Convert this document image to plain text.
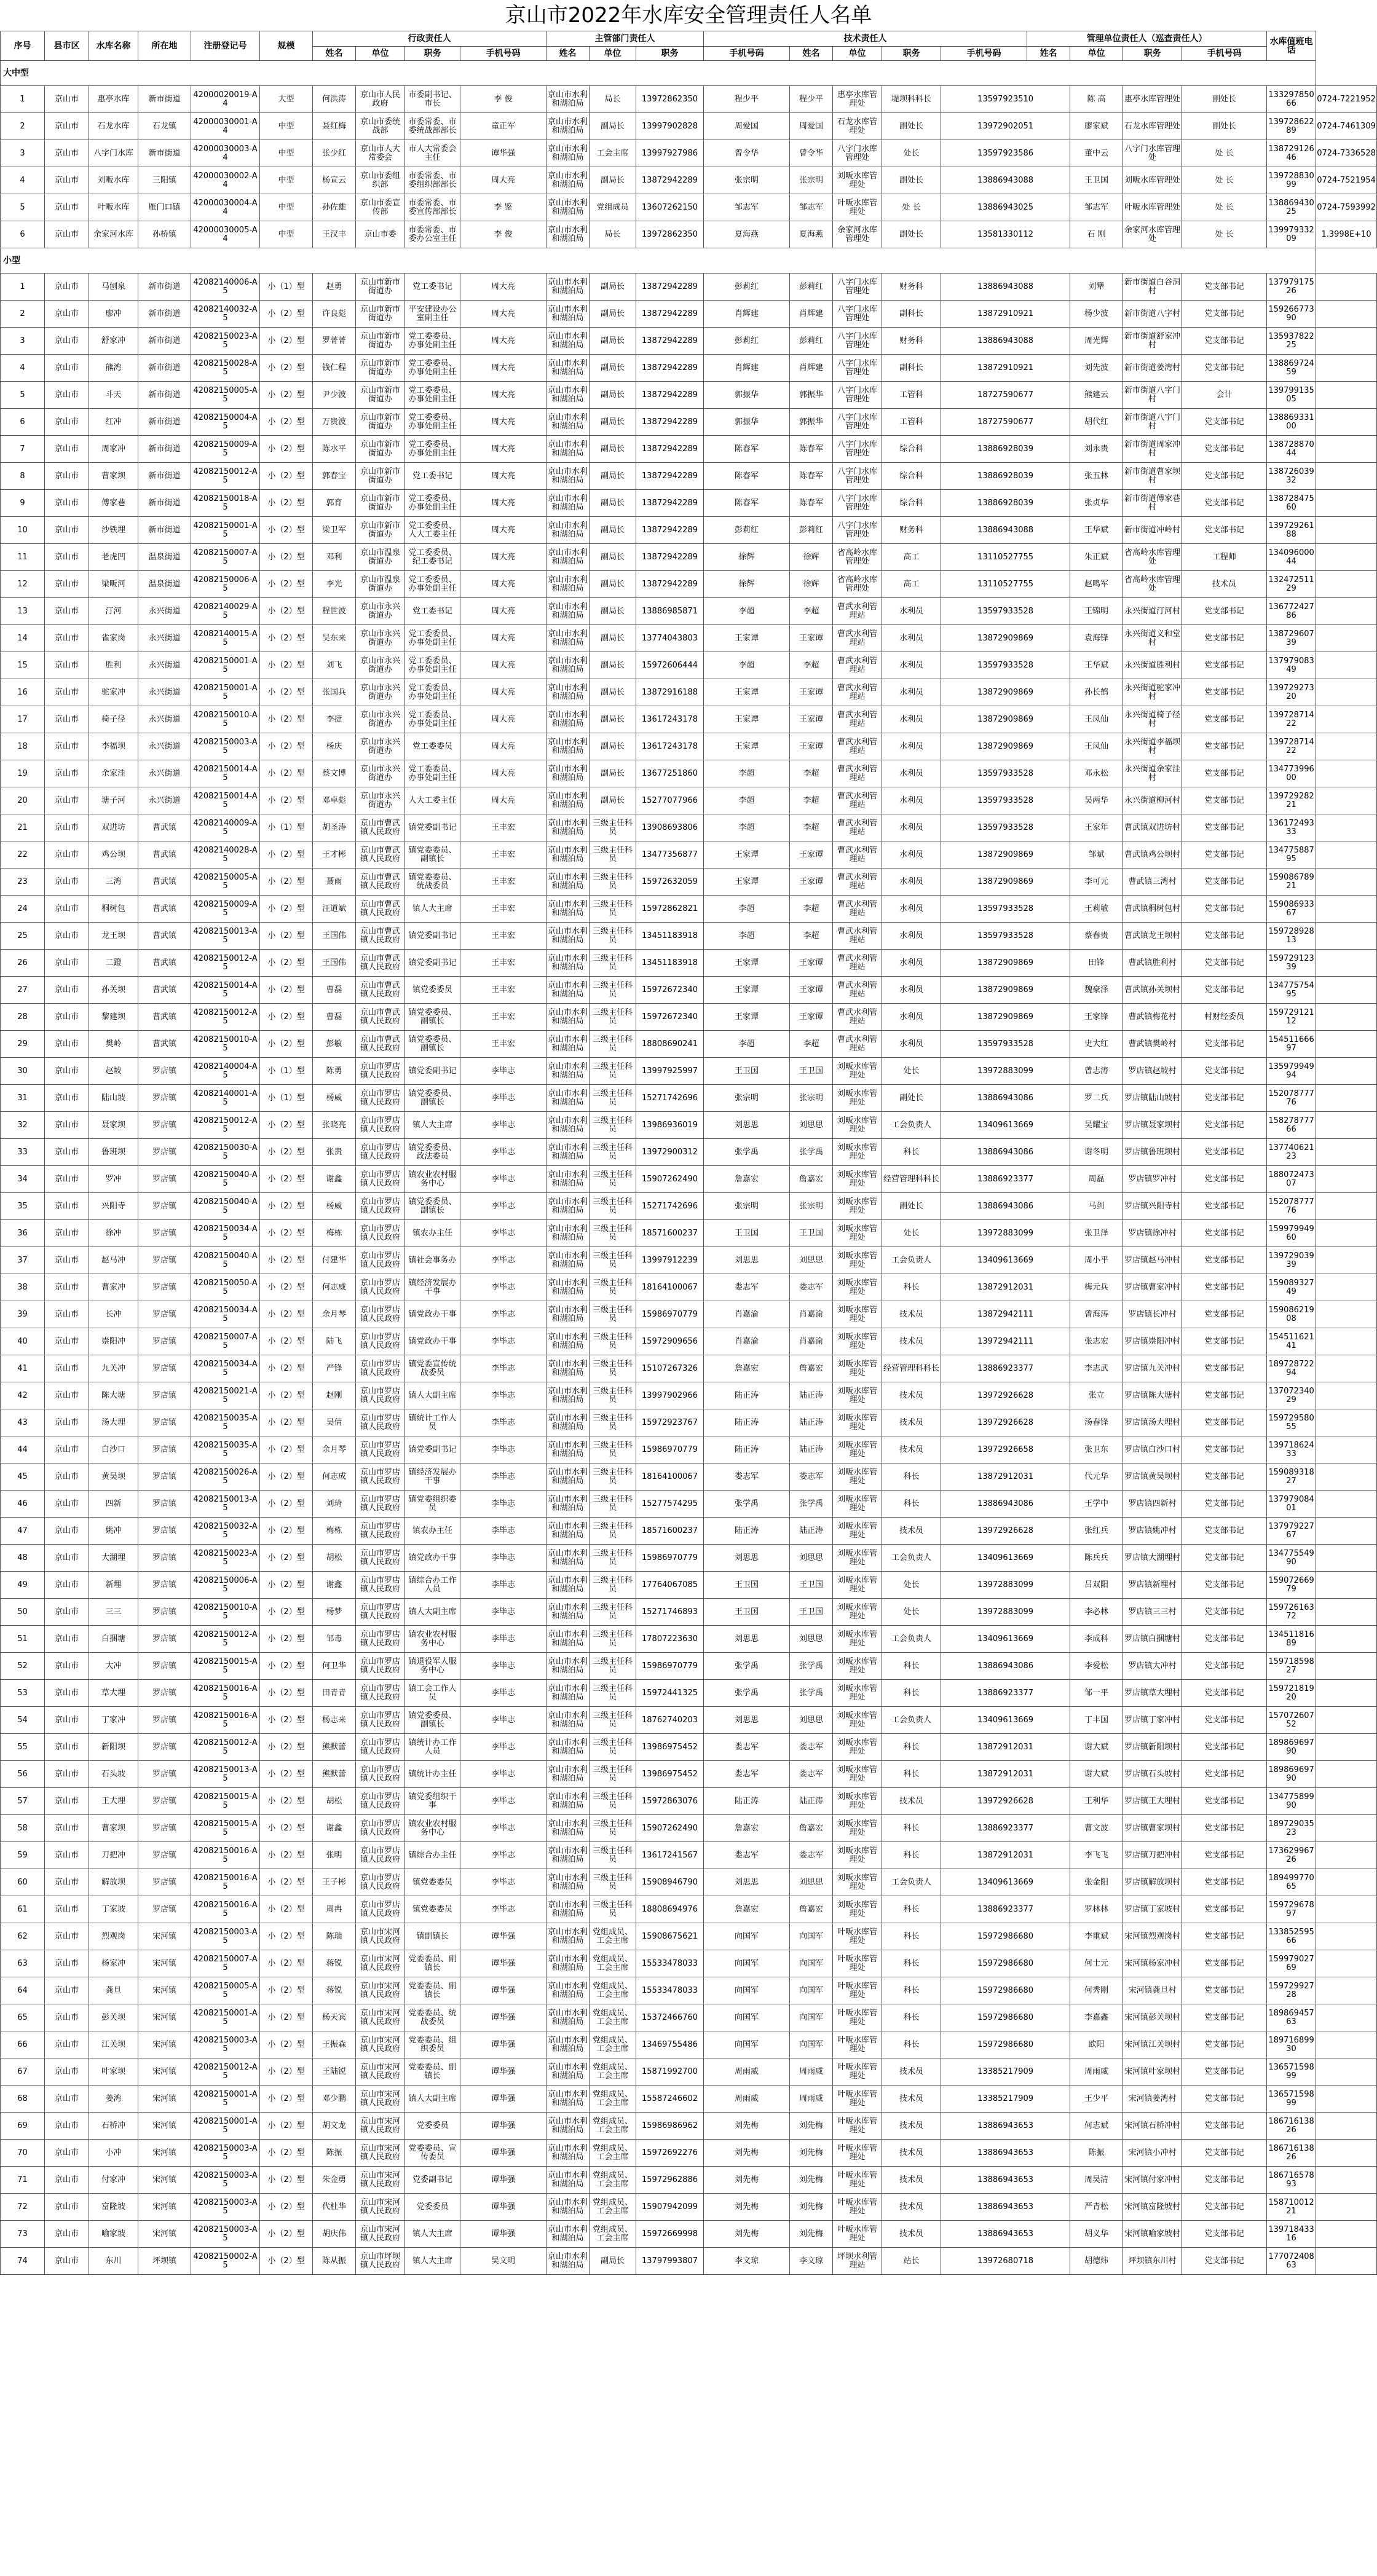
京山市2022年水库安全管理责任人名单
序号	县市区	水库名称	所在地	注册登记号	规模	行政责任人				主管部门责任人			技术责任人					管理单位责任人（巡查责任人）				水库值班电话	
						姓名	单位	职务	手机号码	姓名	单位	职务	手机号码	姓名	单位	职务	手机号码	姓名	单位	职务	手机号码		
大中型																							
1	京山市	惠亭水库	新市街道	42000020019-A4	大型	何洪涛	京山市人民政府	市委副书记、市长	李 俊	京山市水利和湖泊局	局长	13972862350	程少平	程少平	惠亭水库管理处	堤坝科科长	13597923510		陈 高	惠亭水库管理处	副处长	13329785066	0724-7221952
2	京山市	石龙水库	石龙镇	42000030001-A4	中型	聂红梅	京山市委统战部	市委常委、市委统战部部长	童正军	京山市水利和湖泊局	副局长	13997902828	周爱国	周爱国	石龙水库管理处	副处长	13972902051		廖家斌	石龙水库管理处	副处长	13972862289	0724-7461309
3	京山市	八字门水库	新市街道	42000030003-A4	中型	张少红	京山市人大常委会	市人大常委会主任	谭华强	京山市水利和湖泊局	工会主席	13997927986	曾令华	曾令华	八字门水库管理处	处长	13597923586		董中云	八字门水库管理处	处 长	13872912646	0724-7336528
4	京山市	刘畈水库	三阳镇	42000030002-A4	中型	杨宣云	京山市委组织部	市委常委、市委组织部部长	周大亮	京山市水利和湖泊局	副局长	13872942289	张宗明	张宗明	刘畈水库管理处	副处长	13886943088		王卫国	刘畈水库管理处	处 长	13972883099	0724-7521954
5	京山市	叶畈水库	雁门口镇	42000030004-A4	中型	孙佐雄	京山市委宣传部	市委常委、市委宣传部部长	李 鉴	京山市水利和湖泊局	党组成员	13607262150	邹志军	邹志军	叶畈水库管理处	处 长	13886943025		邹志军	叶畈水库管理处	处 长	13886943025	0724-7593992
6	京山市	余家河水库	孙桥镇	42000030005-A4	中型	王汉丰	京山市委	市委常委、市委办公室主任	李 俊	京山市水利和湖泊局	局长	13972862350	夏海燕	夏海燕	余家河水库管理处	副处长	13581330112		石 刚	余家河水库管理处	处 长	13997933209	1.3998E+10
小型																							
1	京山市	马刨泉	新市街道	42082140006-A5	小（1）型	赵勇	京山市新市街道办	党工委书记	周大亮	京山市水利和湖泊局	副局长	13872942289	彭莉红	彭莉红	八字门水库管理处	财务科	13886943088		刘犟	新市街道白谷洞村	党支部书记	13797917526	
2	京山市	廖冲	新市街道	42082140032-A5	小（2）型	许良彪	京山市新市街道办	平安建设办公室副主任	周大亮	京山市水利和湖泊局	副局长	13872942289	肖辉建	肖辉建	八字门水库管理处	副科长	13872910921		杨少波	新市街道八字村	党支部书记	15926677390	
3	京山市	舒家冲	新市街道	42082150023-A5	小（2）型	罗菁菁	京山市新市街道办	党工委委员、办事处副主任	周大亮	京山市水利和湖泊局	副局长	13872942289	彭莉红	彭莉红	八字门水库管理处	财务科	13886943088		周光辉	新市街道舒家冲村	党支部书记	13593782225	
4	京山市	熊湾	新市街道	42082150028-A5	小（2）型	钱仁程	京山市新市街道办	党工委委员、办事处副主任	周大亮	京山市水利和湖泊局	副局长	13872942289	肖辉建	肖辉建	八字门水库管理处	副科长	13872910921		刘先波	新市街道姜湾村	党支部书记	13886972459	
5	京山市	斗天	新市街道	42082150005-A5	小（2）型	尹少波	京山市新市街道办	党工委委员、办事处副主任	周大亮	京山市水利和湖泊局	副局长	13872942289	郭振华	郭振华	八字门水库管理处	工管科	18727590677		熊建云	新市街道八字门村	会计	13979913505	
6	京山市	红冲	新市街道	42082150004-A5	小（2）型	万贵波	京山市新市街道办	党工委委员、办事处副主任	周大亮	京山市水利和湖泊局	副局长	13872942289	郭振华	郭振华	八字门水库管理处	工管科	18727590677		胡代红	新市街道八宇门村	党支部书记	13886933100	
7	京山市	周家冲	新市街道	42082150009-A5	小（2）型	陈水平	京山市新市街道办	党工委委员、办事处副主任	周大亮	京山市水利和湖泊局	副局长	13872942289	陈春军	陈春军	八字门水库管理处	综合科	13886928039		刘永贵	新市街道周家冲村	党支部书记	13872887044	
8	京山市	曹家坝	新市街道	42082150012-A5	小（2）型	郭春宝	京山市新市街道办	党工委书记	周大亮	京山市水利和湖泊局	副局长	13872942289	陈春军	陈春军	八字门水库管理处	综合科	13886928039		张五林	新市街道曹家坝村	党支部书记	13872603932	
9	京山市	傅家巷	新市街道	42082150018-A5	小（2）型	郭育	京山市新市街道办	党工委委员、办事处副主任	周大亮	京山市水利和湖泊局	副局长	13872942289	陈春军	陈春军	八字门水库管理处	综合科	13886928039		张贞华	新市街道傅家巷村	党支部书记	13872847560	
10	京山市	沙铁埋	新市街道	42082150001-A5	小（2）型	梁卫军	京山市新市街道办	党工委委员、人大工委主任	周大亮	京山市水利和湖泊局	副局长	13872942289	彭莉红	彭莉红	八字门水库管理处	财务科	13886943088		王华斌	新市街道冲岭村	党支部书记	13972926188	
11	京山市	老虎凹	温泉街道	42082150007-A5	小（2）型	邓利	京山市温泉街道办	党工委委员、纪工委书记	周大亮	京山市水利和湖泊局	副局长	13872942289	徐辉	徐辉	省高岭水库管理处	高工	13110527755		朱正斌	省高岭水库管理处	工程师	13409600044	
12	京山市	梁畈河	温泉街道	42082150006-A5	小（2）型	李光	京山市温泉街道办	党工委委员、办事处副主任	周大亮	京山市水利和湖泊局	副局长	13872942289	徐辉	徐辉	省高岭水库管理处	高工	13110527755		赵鸣军	省高岭水库管理处	技术员	13247251129	
13	京山市	汀河	永兴街道	42082140029-A5	小（2）型	程世波	京山市永兴街道办	党工委书记	周大亮	京山市水利和湖泊局	副局长	13886985871	李超	李超	曹武水利管理站	水利员	13597933528		王锦明	永兴街道汀河村	党支部书记	13677242786	
14	京山市	雀家岗	永兴街道	42082140015-A5	小（2）型	吴东来	京山市永兴街道办	党工委委员、办事处副主任	周大亮	京山市水利和湖泊局	副局长	13774043803	王家谭	王家谭	曹武水利管理站	水利员	13872909869		袁海锋	永兴街道义和堂村	党支部书记	13872960739	
15	京山市	胜利	永兴街道	42082150001-A5	小（2）型	刘飞	京山市永兴街道办	党工委委员、办事处副主任	周大亮	京山市水利和湖泊局	副局长	15972606444	李超	李超	曹武水利管理站	水利员	13597933528		王华斌	永兴街道胜利村	党支部书记	13797908349	
16	京山市	驼家冲	永兴街道	42082150001-A5	小（2）型	张国兵	京山市永兴街道办	党工委委员、办事处副主任	周大亮	京山市水利和湖泊局	副局长	13872916188	王家谭	王家谭	曹武水利管理站	水利员	13872909869		孙长鹤	永兴街道驼家冲村	党支部书记	13972927320	
17	京山市	椅子径	永兴街道	42082150010-A5	小（2）型	李捷	京山市永兴街道办	党工委委员、办事处副主任	周大亮	京山市水利和湖泊局	副局长	13617243178	王家谭	王家谭	曹武水利管理站	水利员	13872909869		王凤仙	永兴街道椅子径村	党支部书记	13972871422	
18	京山市	李福坝	永兴街道	42082150003-A5	小（2）型	杨庆	京山市永兴街道办	党工委委员	周大亮	京山市水利和湖泊局	副局长	13617243178	王家谭	王家谭	曹武水利管理站	水利员	13872909869		王凤仙	永兴街道李福坝村	党支部书记	13972871422	
19	京山市	余家洼	永兴街道	42082150014-A5	小（2）型	蔡文博	京山市永兴街道办	党工委委员、办事处副主任	周大亮	京山市水利和湖泊局	副局长	13677251860	李超	李超	曹武水利管理站	水利员	13597933528		邓永松	永兴街道余家洼村	党支部书记	13477399600	
20	京山市	塘子河	永兴街道	42082150014-A5	小（2）型	邓卓彪	京山市永兴街道办	人大工委主任	周大亮	京山市水利和湖泊局	副局长	15277077966	李超	李超	曹武水利管理站	水利员	13597933528		吴两华	永兴街道柳河村	党支部书记	13972928221	
21	京山市	双进坊	曹武镇	42082140009-A5	小（1）型	胡圣涛	京山市曹武镇人民政府	镇党委副书记	王丰宏	京山市水利和湖泊局	三级主任科员	13908693806	李超	李超	曹武水利管理站	水利员	13597933528		王家年	曹武镇双进坊村	党支部书记	13617249333	
22	京山市	鸡公坝	曹武镇	42082140028-A5	小（2）型	王才彬	京山市曹武镇人民政府	镇党委委员、副镇长	王丰宏	京山市水利和湖泊局	三级主任科员	13477356877	王家谭	王家谭	曹武水利管理站	水利员	13872909869		邹斌	曹武镇鸡公坝村	党支部书记	13477588795	
23	京山市	三湾	曹武镇	42082150005-A5	小（2）型	聂雨	京山市曹武镇人民政府	镇党委委员、统战委员	王丰宏	京山市水利和湖泊局	三级主任科员	15972632059	王家谭	王家谭	曹武水利管理站	水利员	13872909869		李可元	曹武镇三湾村	党支部书记	15908678921	
24	京山市	桐树包	曹武镇	42082150009-A5	小（2）型	汪道斌	京山市曹武镇人民政府	镇人大主席	王丰宏	京山市水利和湖泊局	三级主任科员	15972862821	李超	李超	曹武水利管理站	水利员	13597933528		王莉敏	曹武镇桐树包村	党支部书记	15908693367	
25	京山市	龙王坝	曹武镇	42082150013-A5	小（2）型	王国伟	京山市曹武镇人民政府	镇党委副书记	王丰宏	京山市水利和湖泊局	三级主任科员	13451183918	李超	李超	曹武水利管理站	水利员	13597933528		蔡春贵	曹武镇龙王坝村	党支部书记	15972892813	
26	京山市	二蹬	曹武镇	42082150012-A5	小（2）型	王国伟	京山市曹武镇人民政府	镇党委副书记	王丰宏	京山市水利和湖泊局	三级主任科员	13451183918	王家谭	王家谭	曹武水利管理站	水利员	13872909869		田锋	曹武镇胜利村	党支部书记	15972912339	
27	京山市	孙关坝	曹武镇	42082150014-A5	小（2）型	曹磊	京山市曹武镇人民政府	镇党委委员	王丰宏	京山市水利和湖泊局	三级主任科员	15972672340	王家谭	王家谭	曹武水利管理站	水利员	13872909869		魏豪泽	曹武镇孙关坝村	党支部书记	13477575495	
28	京山市	黎建坝	曹武镇	42082150012-A5	小（2）型	曹磊	京山市曹武镇人民政府	镇党委委员、副镇长	王丰宏	京山市水利和湖泊局	三级主任科员	15972672340	王家谭	王家谭	曹武水利管理站	水利员	13872909869		王家锋	曹武镇梅花村	村财经委员	15972912112	
29	京山市	樊岭	曹武镇	42082150010-A5	小（2）型	彭敏	京山市曹武镇人民政府	镇党委委员、副镇长	王丰宏	京山市水利和湖泊局	三级主任科员	18808690241	李超	李超	曹武水利管理站	水利员	13597933528		史大红	曹武镇樊岭村	党支部书记	15451166697	
30	京山市	赵坡	罗店镇	42082140004-A5	小（1）型	陈勇	京山市罗店镇人民政府	镇党委副书记	李毕志	京山市水利和湖泊局	三级主任科员	13997925997	王卫国	王卫国	刘畈水库管理处	处长	13972883099		曾志涛	罗店镇赵坡村	党支部书记	13597994994	
31	京山市	陆山坡	罗店镇	42082140001-A5	小（1）型	杨威	京山市罗店镇人民政府	镇党委委员、副镇长	李毕志	京山市水利和湖泊局	三级主任科员	15271742696	张宗明	张宗明	刘畈水库管理处	副处长	13886943086		罗二兵	罗店镇陆山坡村	党支部书记	15207877776	
32	京山市	聂家坝	罗店镇	42082150012-A5	小（2）型	张晓亮	京山市罗店镇人民政府	镇人大主席	李毕志	京山市水利和湖泊局	三级主任科员	13986936019	刘思思	刘思思	刘畈水库管理处	工会负责人	13409613669		吴耀宝	罗店镇聂家坝村	党支部书记	15827877766	
33	京山市	鲁班坝	罗店镇	42082150030-A5	小（2）型	张贵	京山市罗店镇人民政府	镇党委委员、政法委员	李毕志	京山市水利和湖泊局	三级主任科员	13972900312	张学禹	张学禹	刘畈水库管理处	科长	13886943086		谢冬明	罗店镇鲁班坝村	党支部书记	13774062123	
34	京山市	罗冲	罗店镇	42082150040-A5	小（2）型	谢鑫	京山市罗店镇人民政府	镇农业农村服务中心	李毕志	京山市水利和湖泊局	三级主任科员	15907262490	詹嘉宏	詹嘉宏	刘畈水库管理处	经营管理科科长	13886923377		周磊	罗店镇罗冲村	党支部书记	18807247307	
35	京山市	兴阳寺	罗店镇	42082150040-A5	小（2）型	杨威	京山市罗店镇人民政府	镇党委委员、副镇长	李毕志	京山市水利和湖泊局	三级主任科员	15271742696	张宗明	张宗明	刘畈水库管理处	副处长	13886943086		马剑	罗店镇兴阳寺村	党支部书记	15207877776	
36	京山市	徐冲	罗店镇	42082150034-A5	小（2）型	梅栋	京山市罗店镇人民政府	镇农办主任	李毕志	京山市水利和湖泊局	三级主任科员	18571600237	王卫国	王卫国	刘畈水库管理处	处长	13972883099		张卫泽	罗店镇徐冲村	党支部书记	15997994960	
37	京山市	赵马冲	罗店镇	42082150040-A5	小（2）型	付建华	京山市罗店镇人民政府	镇社会事务办	李毕志	京山市水利和湖泊局	三级主任科员	13997912239	刘思思	刘思思	刘畈水库管理处	工会负责人	13409613669		周小平	罗店镇赵马冲村	党支部书记	13972903939	
38	京山市	曹家冲	罗店镇	42082150050-A5	小（2）型	何志威	京山市罗店镇人民政府	镇经济发展办干事	李毕志	京山市水利和湖泊局	三级主任科员	18164100067	娄志军	娄志军	刘畈水库管理处	科长	13872912031		梅元兵	罗店镇曹家冲村	党支部书记	15908932749	
39	京山市	长冲	罗店镇	42082150034-A5	小（2）型	余月琴	京山市罗店镇人民政府	镇党政办干事	李毕志	京山市水利和湖泊局	三级主任科员	15986970779	肖嘉渝	肖嘉渝	刘畈水库管理处	技术员	13872942111		曾海涛	罗店镇长冲村	党支部书记	15908621908	
40	京山市	崇阳冲	罗店镇	42082150007-A5	小（2）型	陆飞	京山市罗店镇人民政府	镇党政办干事	李毕志	京山市水利和湖泊局	三级主任科员	15972909656	肖嘉渝	肖嘉渝	刘畈水库管理处	技术员	13972942111		张志宏	罗店镇崇阳冲村	党支部书记	15451162141	
41	京山市	九关冲	罗店镇	42082150034-A5	小（2）型	严锋	京山市罗店镇人民政府	镇党委宣传统战委员	李毕志	京山市水利和湖泊局	三级主任科员	15107267326	詹嘉宏	詹嘉宏	刘畈水库管理处	经营管理科科长	13886923377		李志武	罗店镇九关冲村	党支部书记	18972872294	
42	京山市	陈大塘	罗店镇	42082150021-A5	小（2）型	赵刚	京山市罗店镇人民政府	镇人大副主席	李毕志	京山市水利和湖泊局	三级主任科员	13997902966	陆正涛	陆正涛	刘畈水库管理处	技术员	13972926628		张立	罗店镇陈大塘村	党支部书记	13707234029	
43	京山市	汤大埋	罗店镇	42082150035-A5	小（2）型	吴倩	京山市罗店镇人民政府	镇统计工作人员	李毕志	京山市水利和湖泊局	三级主任科员	15972923767	陆正涛	陆正涛	刘畈水库管理处	技术员	13972926628		汤春锋	罗店镇汤大埋村	党支部书记	15972958055	
44	京山市	白沙口	罗店镇	42082150035-A5	小（2）型	余月琴	京山市罗店镇人民政府	镇党委副书记	李毕志	京山市水利和湖泊局	三级主任科员	15986970779	陆正涛	陆正涛	刘畈水库管理处	技术员	13972926658		张卫东	罗店镇白沙口村	党支部书记	13971862433	
45	京山市	黄吴坝	罗店镇	42082150026-A5	小（2）型	何志成	京山市罗店镇人民政府	镇经济发展办干事	李毕志	京山市水利和湖泊局	三级主任科员	18164100067	娄志军	娄志军	刘畈水库管理处	科长	13872912031		代元华	罗店镇黄吴坝村	党支部书记	15908931827	
46	京山市	四新	罗店镇	42082150013-A5	小（2）型	刘琦	京山市罗店镇人民政府	镇党委组织委员	李毕志	京山市水利和湖泊局	三级主任科员	15277574295	张学禹	张学禹	刘畈水库管理处	科长	13886943086		王学中	罗店镇四新村	党支部书记	13797908401	
47	京山市	姚冲	罗店镇	42082150032-A5	小（2）型	梅栋	京山市罗店镇人民政府	镇农办主任	李毕志	京山市水利和湖泊局	三级主任科员	18571600237	陆正涛	陆正涛	刘畈水库管理处	技术员	13972926628		张红兵	罗店镇姚冲村	党支部书记	13797922767	
48	京山市	大湖埋	罗店镇	42082150023-A5	小（2）型	胡松	京山市罗店镇人民政府	镇党政办干事	李毕志	京山市水利和湖泊局	三级主任科员	15986970779	刘思思	刘思思	刘畈水库管理处	工会负责人	13409613669		陈兵兵	罗店镇大湖埋村	党支部书记	13477554990	
49	京山市	新埋	罗店镇	42082150006-A5	小（2）型	谢鑫	京山市罗店镇人民政府	镇综合办工作人员	李毕志	京山市水利和湖泊局	三级主任科员	17764067085	王卫国	王卫国	刘畈水库管理处	处长	13972883099		吕双阳	罗店镇新埋村	党支部书记	15907266979	
50	京山市	三三	罗店镇	42082150010-A5	小（2）型	杨梦	京山市罗店镇人民政府	镇人大副主席	李毕志	京山市水利和湖泊局	三级主任科员	15271746893	王卫国	王卫国	刘畈水库管理处	处长	13972883099		李必林	罗店镇三三村	党支部书记	15972616372	
51	京山市	白捆塘	罗店镇	42082150012-A5	小（2）型	邹毒	京山市罗店镇人民政府	镇农业农村服务中心	李毕志	京山市水利和湖泊局	三级主任科员	17807223630	刘思思	刘思思	刘畈水库管理处	工会负责人	13409613669		李成科	罗店镇白捆塘村	党支部书记	13451181689	
52	京山市	大冲	罗店镇	42082150015-A5	小（2）型	何卫华	京山市罗店镇人民政府	镇退役军人服务中心	李毕志	京山市水利和湖泊局	三级主任科员	15986970779	张学禹	张学禹	刘畈水库管理处	科长	13886943086		李爱松	罗店镇大冲村	党支部书记	15971859827	
53	京山市	草大埋	罗店镇	42082150016-A5	小（2）型	田青青	京山市罗店镇人民政府	镇工会工作人员	李毕志	京山市水利和湖泊局	三级主任科员	15972441325	张学禹	张学禹	刘畈水库管理处	科长	13886923377		邹一平	罗店镇草大埋村	党支部书记	15972181920	
54	京山市	丁家冲	罗店镇	42082150016-A5	小（2）型	杨志来	京山市罗店镇人民政府	镇党委委员、副镇长	李毕志	京山市水利和湖泊局	三级主任科员	18762740203	刘思思	刘思思	刘畈水库管理处	工会负责人	13409613669		丁丰国	罗店镇丁家冲村	党支部书记	15707260752	
55	京山市	新阳坝	罗店镇	42082150012-A5	小（2）型	熊默蕾	京山市罗店镇人民政府	镇统计办工作人员	李毕志	京山市水利和湖泊局	三级主任科员	13986975452	娄志军	娄志军	刘畈水库管理处	科长	13872912031		谢大斌	罗店镇新阳坝村	党支部书记	18986969790	
56	京山市	石头坡	罗店镇	42082150013-A5	小（2）型	熊默蕾	京山市罗店镇人民政府	镇统计办主任	李毕志	京山市水利和湖泊局	三级主任科员	13986975452	娄志军	娄志军	刘畈水库管理处	科长	13872912031		谢大斌	罗店镇石头坡村	党支部书记	18986969790	
57	京山市	王大埋	罗店镇	42082150015-A5	小（2）型	胡松	京山市罗店镇人民政府	镇党委组织干事	李毕志	京山市水利和湖泊局	三级主任科员	15972863076	陆正涛	陆正涛	刘畈水库管理处	技术员	13972926628		王利华	罗店镇王大埋村	党支部书记	13477589990	
58	京山市	曹家坝	罗店镇	42082150015-A5	小（2）型	谢鑫	京山市罗店镇人民政府	镇农业农村服务中心	李毕志	京山市水利和湖泊局	三级主任科员	15907262490	詹嘉宏	詹嘉宏	刘畈水库管理处	科长	13886923377		曹文波	罗店镇曹家坝村	党支部书记	18972903523	
59	京山市	刀把冲	罗店镇	42082150016-A5	小（2）型	张明	京山市罗店镇人民政府	镇综合办主任	李毕志	京山市水利和湖泊局	三级主任科员	13617241567	娄志军	娄志军	刘畈水库管理处	科长	13872912031		李飞飞	罗店镇刀把冲村	党支部书记	17362996726	
60	京山市	解放坝	罗店镇	42082150016-A5	小（2）型	王子彬	京山市罗店镇人民政府	镇党委委员	李毕志	京山市水利和湖泊局	三级主任科员	15908946790	刘思思	刘思思	刘畈水库管理处	工会负责人	13409613669		张金阳	罗店镇解放坝村	党支部书记	18949977065	
61	京山市	丁家坡	罗店镇	42082150016-A5	小（2）型	周冉	京山市罗店镇人民政府	镇党委委员	李毕志	京山市水利和湖泊局	三级主任科员	18808694976	詹嘉宏	詹嘉宏	刘畈水库管理处	科长	13886923377		罗林林	罗店镇丁家坡村	党支部书记	15972967897	
62	京山市	烈观岗	宋河镇	42082150003-A5	小（2）型	陈瑞	京山市宋河镇人民政府	镇副镇长	谭华强	京山市水利和湖泊局	党组成员、工会主席	15908675621	向国军	向国军	叶畈水库管理处	科长	15972986680		李重斌	宋河镇烈观岗村	党支部书记	13385259566	
63	京山市	杨家冲	宋河镇	42082150007-A5	小（2）型	蒋锐	京山市宋河镇人民政府	党委委员、副镇长	谭华强	京山市水利和湖泊局	党组成员、工会主席	15533478033	向国军	向国军	叶畈水库管理处	科长	15972986680		何士元	宋河镇杨家冲村	党支部书记	15997902769	
64	京山市	龚旦	宋河镇	42082150005-A5	小（2）型	蒋锐	京山市宋河镇人民政府	党委委员、副镇长	谭华强	京山市水利和湖泊局	党组成员、工会主席	15533478033	向国军	向国军	叶畈水库管理处	科长	15972986680		何秀刚	宋河镇龚旦村	党支部书记	15972992728	
65	京山市	彭关坝	宋河镇	42082150001-A5	小（2）型	杨天宾	京山市宋河镇人民政府	党委委员、统战委员	谭华强	京山市水利和湖泊局	党组成员、工会主席	15372466760	向国军	向国军	叶畈水库管理处	科长	15972986680		李嘉鑫	宋河镇彭关坝村	党支部书记	18986945763	
66	京山市	江关坝	宋河镇	42082150003-A5	小（2）型	王振森	京山市宋河镇人民政府	党委委员、组织委员	谭华强	京山市水利和湖泊局	党组成员、工会主席	13469755486	向国军	向国军	叶畈水库管理处	科长	15972986680		欧阳	宋河镇江关坝村	党支部书记	18971689930	
67	京山市	叶家坝	宋河镇	42082150012-A5	小（2）型	王陆锐	京山市宋河镇人民政府	党委委员、副镇长	谭华强	京山市水利和湖泊局	党组成员、工会主席	15871992700	周雨威	周雨威	叶畈水库管理处	技术员	13385217909		周雨威	宋河镇叶家坝村	党支部书记	13657159899	
68	京山市	姜湾	宋河镇	42082150001-A5	小（2）型	邓少鹏	京山市宋河镇人民政府	镇人大副主席	谭华强	京山市水利和湖泊局	党组成员、工会主席	15587246602	周雨威	周雨威	叶畈水库管理处	技术员	13385217909		王少平	宋河镇姜湾村	党支部书记	13657159899	
69	京山市	石桥冲	宋河镇	42082150001-A5	小（2）型	胡文龙	京山市宋河镇人民政府	党委委员	谭华强	京山市水利和湖泊局	党组成员、工会主席	15986986962	刘先梅	刘先梅	叶畈水库管理处	技术员	13886943653		何志斌	宋河镇石桥冲村	党支部书记	18671613826	
70	京山市	小冲	宋河镇	42082150003-A5	小（2）型	陈振	京山市宋河镇人民政府	党委委员、宣传委员	谭华强	京山市水利和湖泊局	党组成员、工会主席	15972692276	刘先梅	刘先梅	叶畈水库管理处	技术员	13886943653		陈振	宋河镇小冲村	党支部书记	18671613826	
71	京山市	付家冲	宋河镇	42082150003-A5	小（2）型	朱金勇	京山市宋河镇人民政府	党委副书记	谭华强	京山市水利和湖泊局	党组成员、工会主席	15972962886	刘先梅	刘先梅	叶畈水库管理处	技术员	13886943653		周吴清	宋河镇付家冲村	党支部书记	18671657893	
72	京山市	富隆坡	宋河镇	42082150003-A5	小（2）型	代杜华	京山市宋河镇人民政府	党委委员	谭华强	京山市水利和湖泊局	党组成员、工会主席	15907942099	刘先梅	刘先梅	叶畈水库管理处	技术员	13886943653		严青松	宋河镇富隆坡村	党支部书记	15871001221	
73	京山市	喻家坡	宋河镇	42082150003-A5	小（2）型	胡庆伟	京山市宋河镇人民政府	镇人大主席	谭华强	京山市水利和湖泊局	党组成员、工会主席	15972669998	刘先梅	刘先梅	叶畈水库管理处	技术员	13886943653		胡义华	宋河镇喻家坡村	党支部书记	13971843316	
74	京山市	东川	坪坝镇	42082150002-A5	小（2）型	陈从振	京山市坪坝镇人民政府	镇人大主席	吴文明	京山市水利和湖泊局	副局长	13797993807	李文琼	李文琼	坪坝水利管理站	站长	13972680718		胡德炜	坪坝镇东川村	党支部书记	17707240863	
